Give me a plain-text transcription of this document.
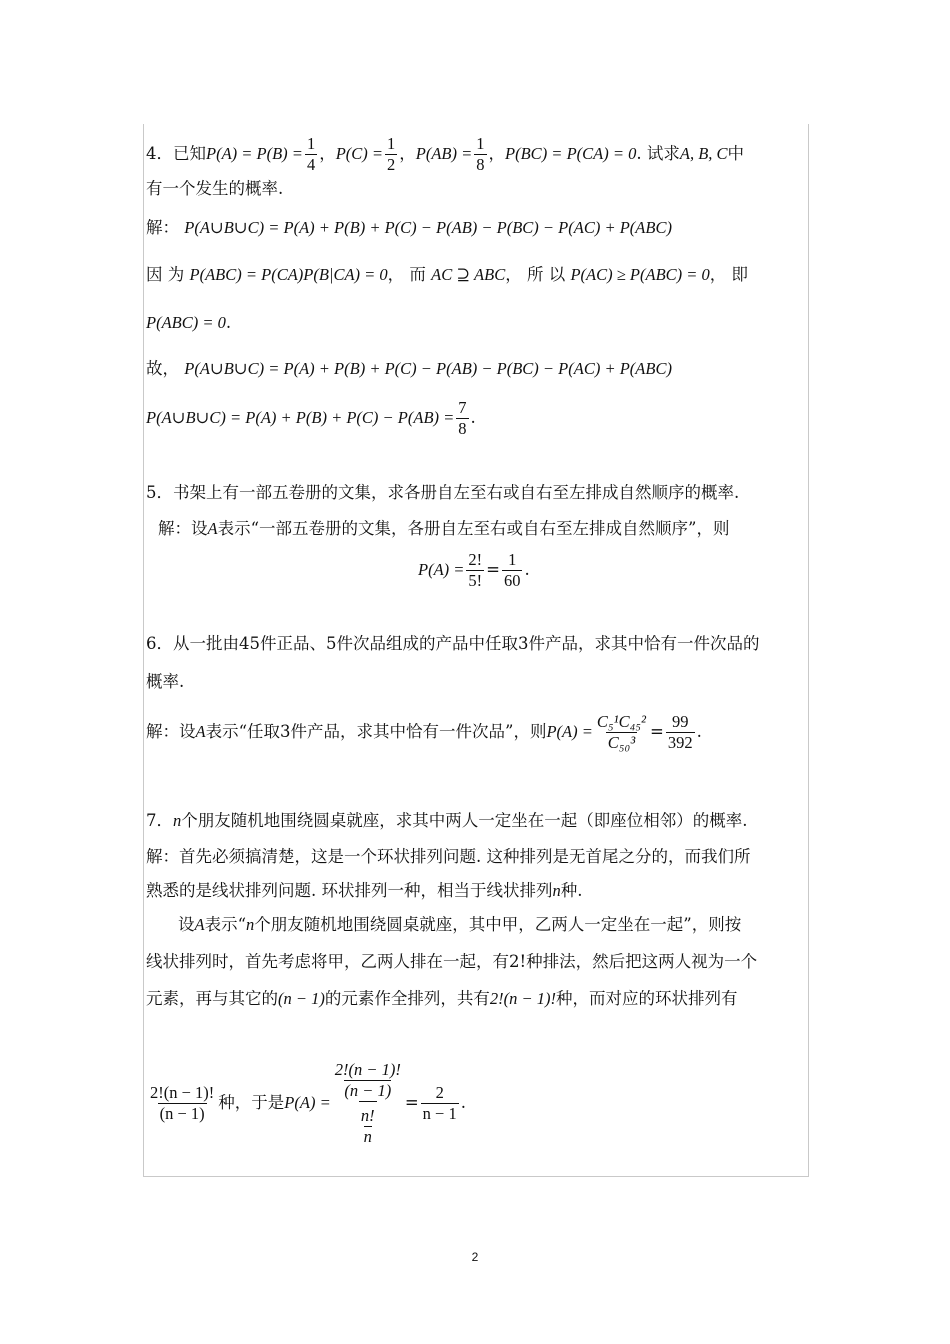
4．已知$P(A) = P(B) = \frac{1}{4}$ ，$P(C) = \frac{1}{2}$ ，$P(AB) = \frac{1}{8}$ ，P(BC) = P(CA) = 0. 试求A, B, C中
有一个发生的概率.
解： P(A∪B∪C) = P(A) + P(B) + P(C) − P(AB) − P(BC) − P(AC) + P(ABC)
因 为 P(ABC) = P(CA)P(B|CA) = 0， 而 AC ⊇ ABC， 所 以 P(AC) ≥ P(ABC) = 0， 即
P(ABC) = 0.
故， P(A∪B∪C) = P(A) + P(B) + P(C) − P(AB) − P(BC) − P(AC) + P(ABC)
P(A∪B∪C) = $P(A) + P(B) + P(C) - P(AB) = \frac{7}{8}$ .
5．书架上有一部五卷册的文集，求各册自左至右或自右至左排成自然顺序的概率.
解：设A表示“一部五卷册的文集，各册自左至右或自右至左排成自然顺序”，则
$P(A) = \frac{2!}{5!} = \frac{1}{60}$ .
6．从一批由45件正品、5件次品组成的产品中任取3件产品，求其中恰有一件次品的
概率.
解：设A表示“任取3件产品，求其中恰有一件次品”，则$P(A) = \frac{\text{C₅¹C₄₅²}}{\text{C₅₀³}} = \frac{99}{392}$ .
7．n个朋友随机地围绕圆桌就座，求其中两人一定坐在一起（即座位相邻）的概率.
解：首先必须搞清楚，这是一个环状排列问题. 这种排列是无首尾之分的，而我们所
熟悉的是线状排列问题. 环状排列一种，相当于线状排列n种.
设A表示“n个朋友随机地围绕圆桌就座，其中甲，乙两人一定坐在一起”，则按
线状排列时，首先考虑将甲，乙两人排在一起，有2!种排法，然后把这两人视为一个
元素，再与其它的(n − 1)的元素作全排列，共有2!(n − 1)!种，而对应的环状排列有
$\frac{2!(n - 1)!}{(n - 1)}$ 种，于是$P(A) = \frac{\frac{2!(n - 1)!}{(n - 1)}}{\frac{n!}{n}} = \frac{2}{n - 1}$ .
2
